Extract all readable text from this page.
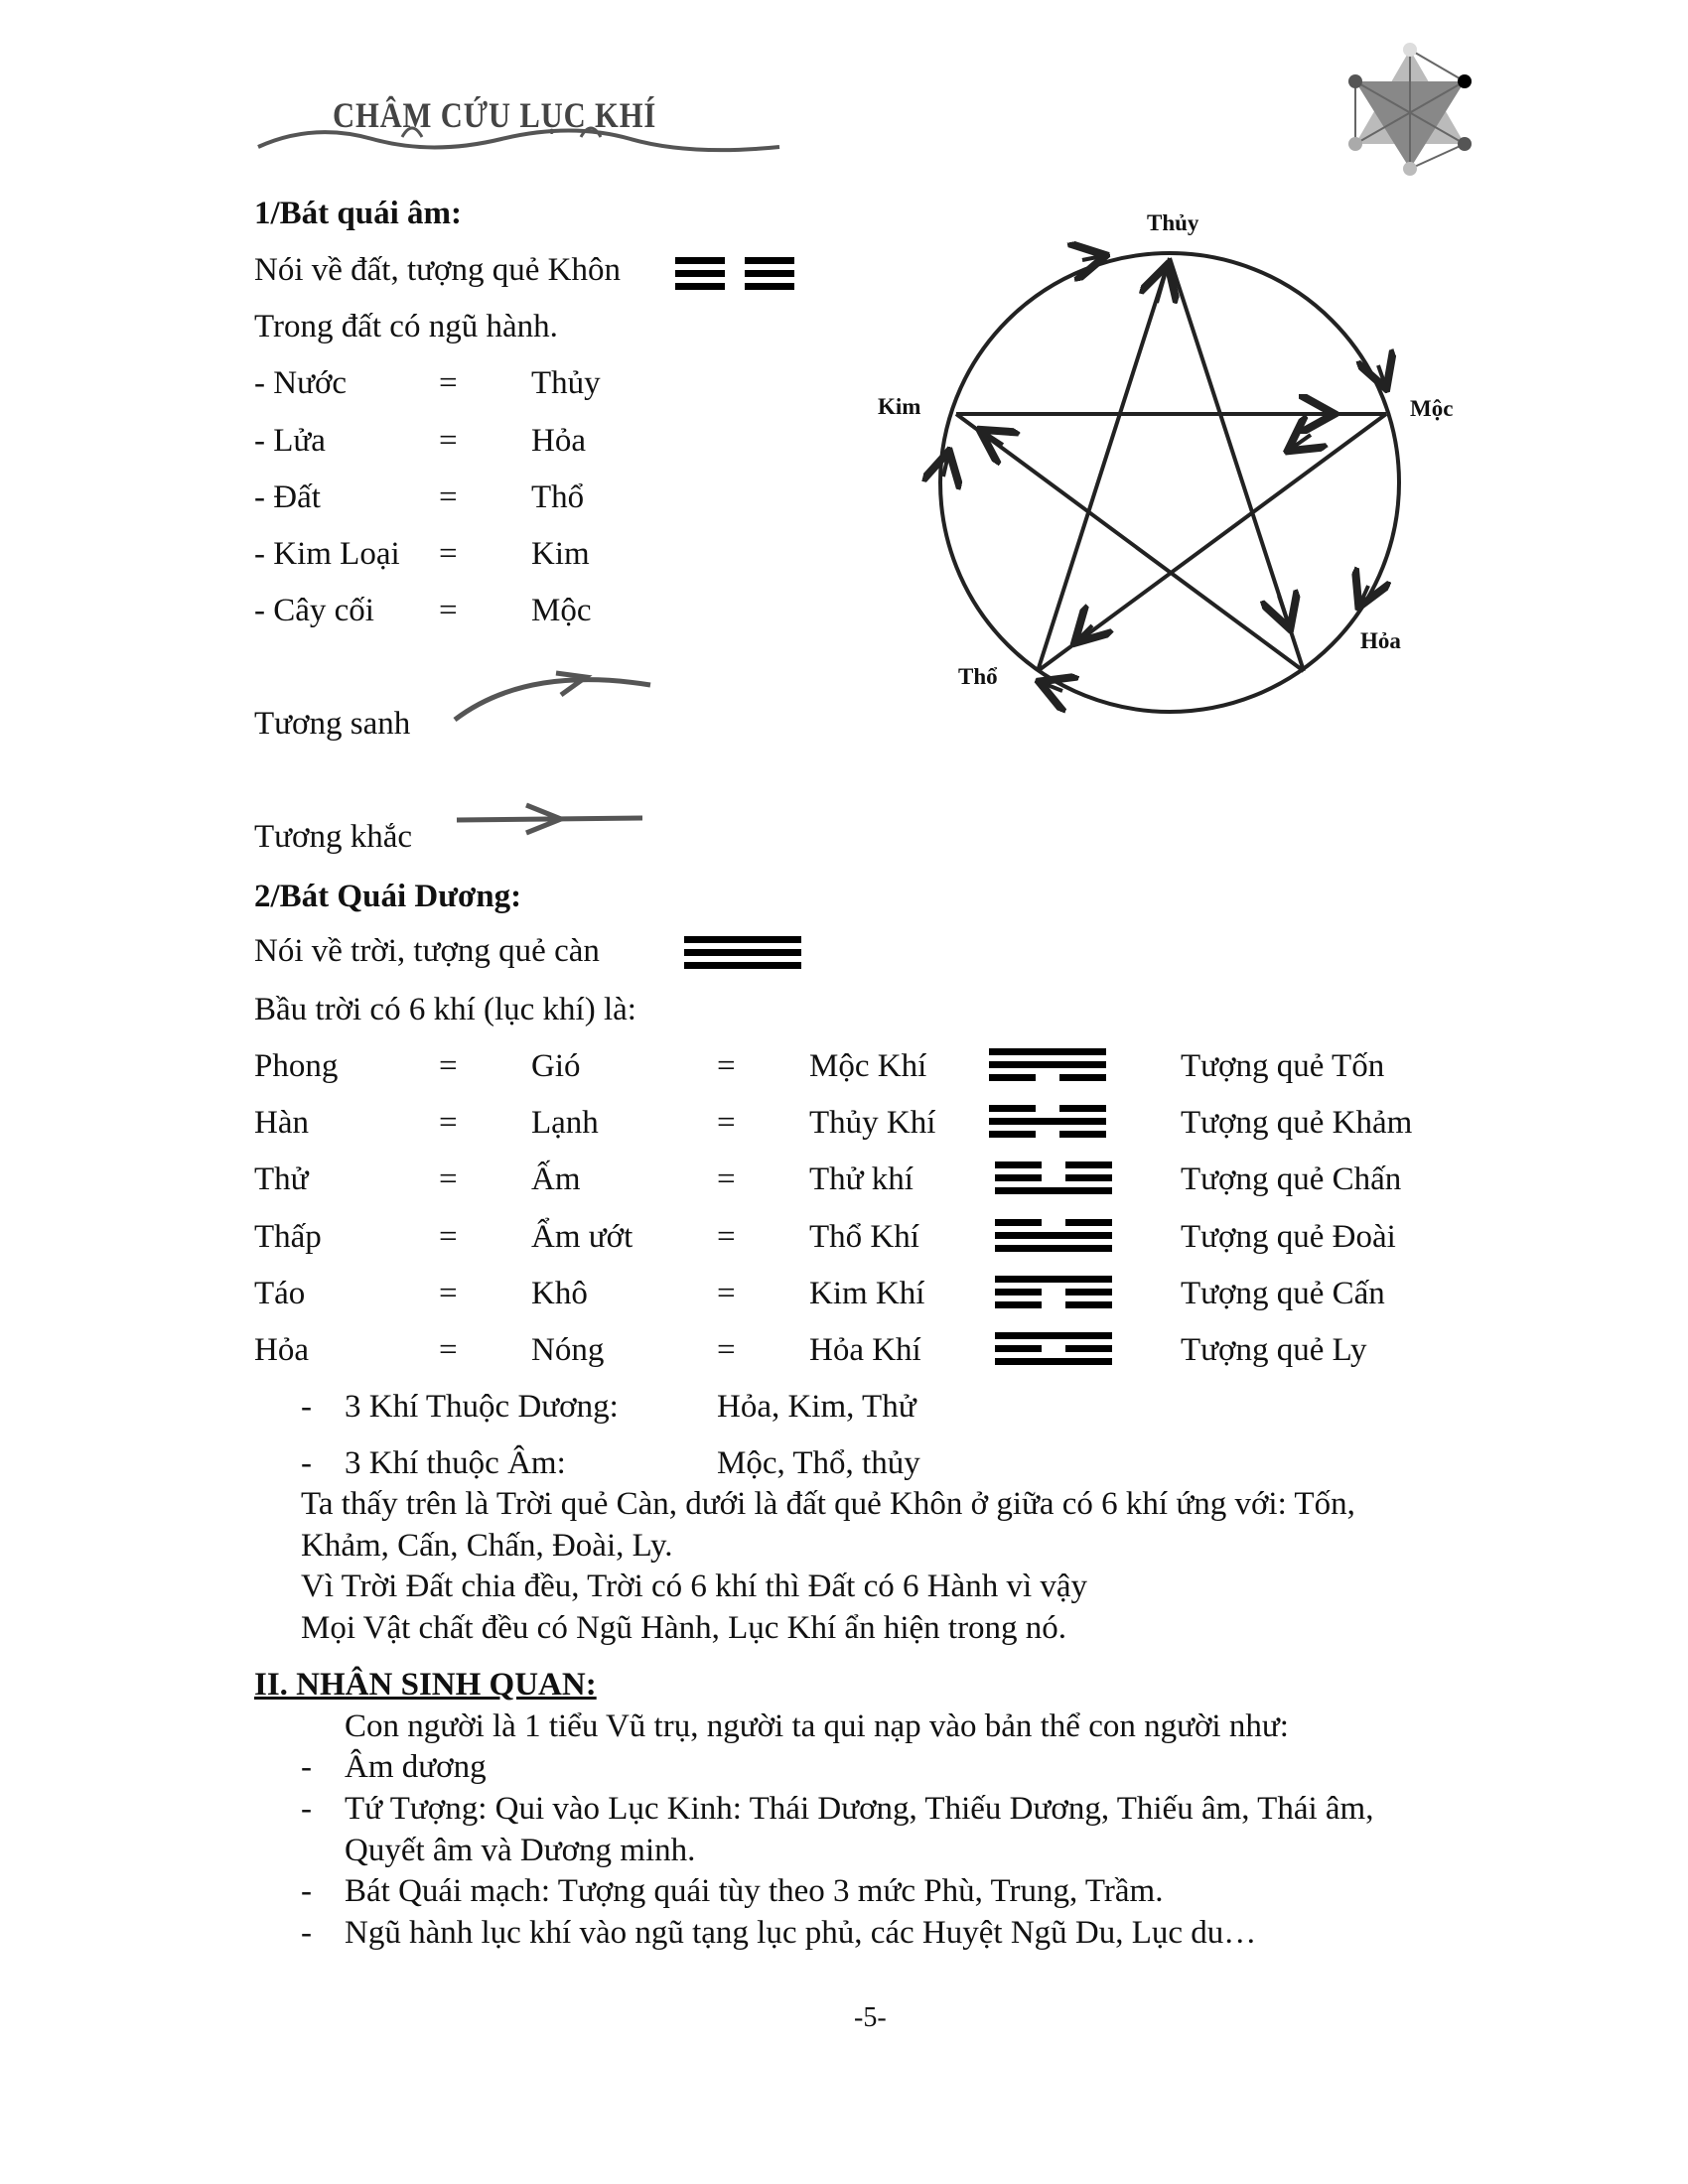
CHÂM CỨU LỤC KHÍ
1/Bát quái âm:
Nói về đất, tượng quẻ Khôn
Trong đất có ngũ hành.
Tương sanh
Tương khắc
Thủy
Kim	Mộc
Hỏa
Thổ
2/Bát Quái Dương:
Nói về trời, tượng quẻ càn
Bầu trời có 6 khí (lục khí) là:
II. NHÂN SINH QUAN:
Con người là 1 tiểu Vũ trụ, người ta qui nạp vào bản thể con người như:
-5-
- Nước	= Thủy
- Lửa	= Hỏa
- Đất	= Thổ
- Kim Loại = Kim
- Cây cối = Mộc
Phong	= Gió	= Mộc Khí	Tượng quẻ Tốn
Hàn	= Lạnh	= Thủy Khí	Tượng quẻ Khảm
Thử	= Ấm	= Thử khí	Tượng quẻ Chấn
Thấp	= Ẩm ướt	= Thổ Khí	Tượng quẻ Đoài
Táo	= Khô	= Kim Khí	Tượng quẻ Cấn
Hỏa	= Nóng	= Hỏa Khí	Tượng quẻ Ly
- 3 Khí Thuộc Dương:	Hỏa, Kim, Thử
- 3 Khí thuộc Âm:	Mộc, Thổ, thủy
Ta thấy trên là Trời quẻ Càn, dưới là đất quẻ Khôn ở giữa có 6 khí ứng với: Tốn,
Khảm, Cấn, Chấn, Đoài, Ly.
Vì Trời Đất chia đều, Trời có 6 khí thì Đất có 6 Hành vì vậy
Mọi Vật chất đều có Ngũ Hành, Lục Khí ẩn hiện trong nó.
- Âm dương
- Tứ Tượng: Qui vào Lục Kinh: Thái Dương, Thiếu Dương, Thiếu âm, Thái âm,
Quyết âm và Dương minh.
- Bát Quái mạch: Tượng quái tùy theo 3 mức Phù, Trung, Trầm.
- Ngũ hành lục khí vào ngũ tạng lục phủ, các Huyệt Ngũ Du, Lục du…
